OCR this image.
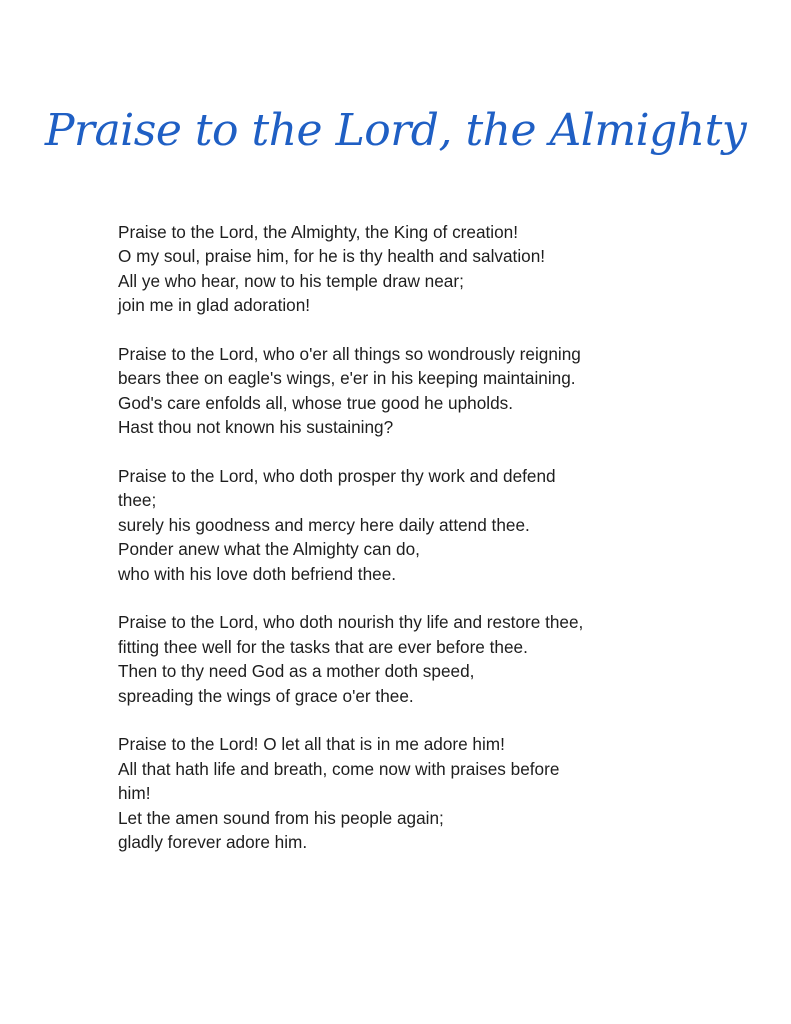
Praise to the Lord, the Almighty
Praise to the Lord, the Almighty, the King of creation!
O my soul, praise him, for he is thy health and salvation!
All ye who hear, now to his temple draw near;
join me in glad adoration!
Praise to the Lord, who o'er all things so wondrously reigning
bears thee on eagle's wings, e'er in his keeping maintaining.
God's care enfolds all, whose true good he upholds.
Hast thou not known his sustaining?
Praise to the Lord, who doth prosper thy work and defend
thee;
surely his goodness and mercy here daily attend thee.
Ponder anew what the Almighty can do,
who with his love doth befriend thee.
Praise to the Lord, who doth nourish thy life and restore thee,
fitting thee well for the tasks that are ever before thee.
Then to thy need God as a mother doth speed,
spreading the wings of grace o'er thee.
Praise to the Lord! O let all that is in me adore him!
All that hath life and breath, come now with praises before
him!
Let the amen sound from his people again;
gladly forever adore him.
